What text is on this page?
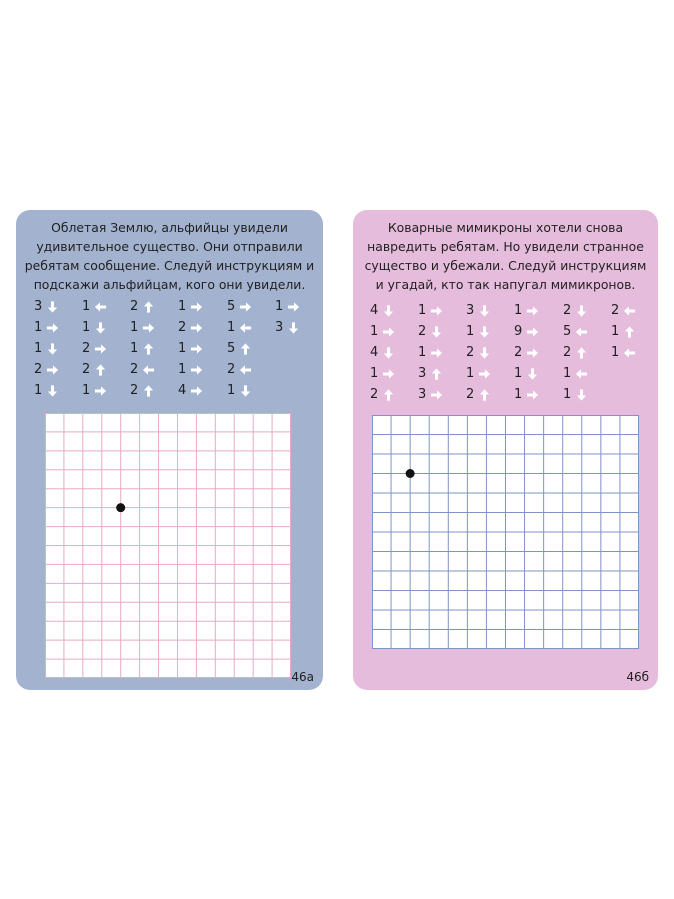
Облетая Землю, альфийцы увидели удивительное существо. Они отправили ребятам сообщение. Следуй инструкциям и подскажи альфийцам, кого они увидели.
3	1	2	1	5	1
1	1	1	2	1	3
1	2	1	1	5
2	2	2	1	2
1	1	2	4	1
46а
Коварные мимикроны хотели снова навредить ребятам. Но увидели странное существо и убежали. Следуй инструкциям и угадай, кто так напугал мимикронов.
4	1	3	1	2	2
1	2	1	9	5	1
4	1	2	2	2	1
1	3	1	1	1
2	3	2	1	1
46б
